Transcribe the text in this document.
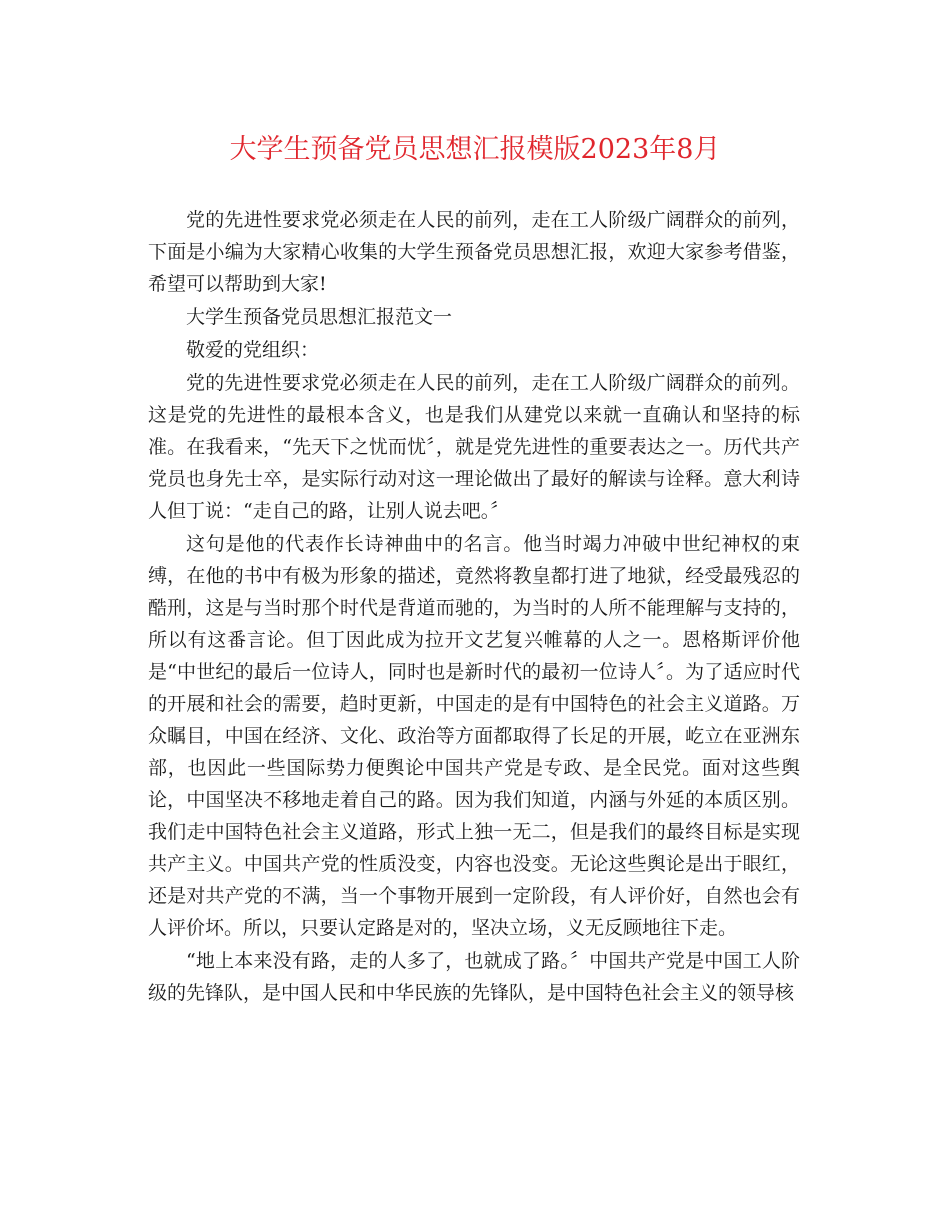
大学生预备党员思想汇报模版2023年8月

党的先进性要求党必须走在人民的前列，走在工人阶级广阔群众的前列，下面是小编为大家精心收集的大学生预备党员思想汇报，欢迎大家参考借鉴，希望可以帮助到大家!

大学生预备党员思想汇报范文一

敬爱的党组织：

党的先进性要求党必须走在人民的前列，走在工人阶级广阔群众的前列。这是党的先进性的最根本含义，也是我们从建党以来就一直确认和坚持的标准。在我看来，“先天下之忧而忧〞，就是党先进性的重要表达之一。历代共产党员也身先士卒，是实际行动对这一理论做出了最好的解读与诠释。意大利诗人但丁说：“走自己的路，让别人说去吧。〞

这句是他的代表作长诗神曲中的名言。他当时竭力冲破中世纪神权的束缚，在他的书中有极为形象的描述，竟然将教皇都打进了地狱，经受最残忍的酷刑，这是与当时那个时代是背道而驰的，为当时的人所不能理解与支持的，所以有这番言论。但丁因此成为拉开文艺复兴帷幕的人之一。恩格斯评价他是“中世纪的最后一位诗人，同时也是新时代的最初一位诗人〞。为了适应时代的开展和社会的需要，趋时更新，中国走的是有中国特色的社会主义道路。万众瞩目，中国在经济、文化、政治等方面都取得了长足的开展，屹立在亚洲东部，也因此一些国际势力便舆论中国共产党是专政、是全民党。面对这些舆论，中国坚决不移地走着自己的路。因为我们知道，内涵与外延的本质区别。我们走中国特色社会主义道路，形式上独一无二，但是我们的最终目标是实现共产主义。中国共产党的性质没变，内容也没变。无论这些舆论是出于眼红，还是对共产党的不满，当一个事物开展到一定阶段，有人评价好，自然也会有人评价坏。所以，只要认定路是对的，坚决立场，义无反顾地往下走。

“地上本来没有路，走的人多了，也就成了路。〞中国共产党是中国工人阶级的先锋队，是中国人民和中华民族的先锋队，是中国特色社会主义的领导核
